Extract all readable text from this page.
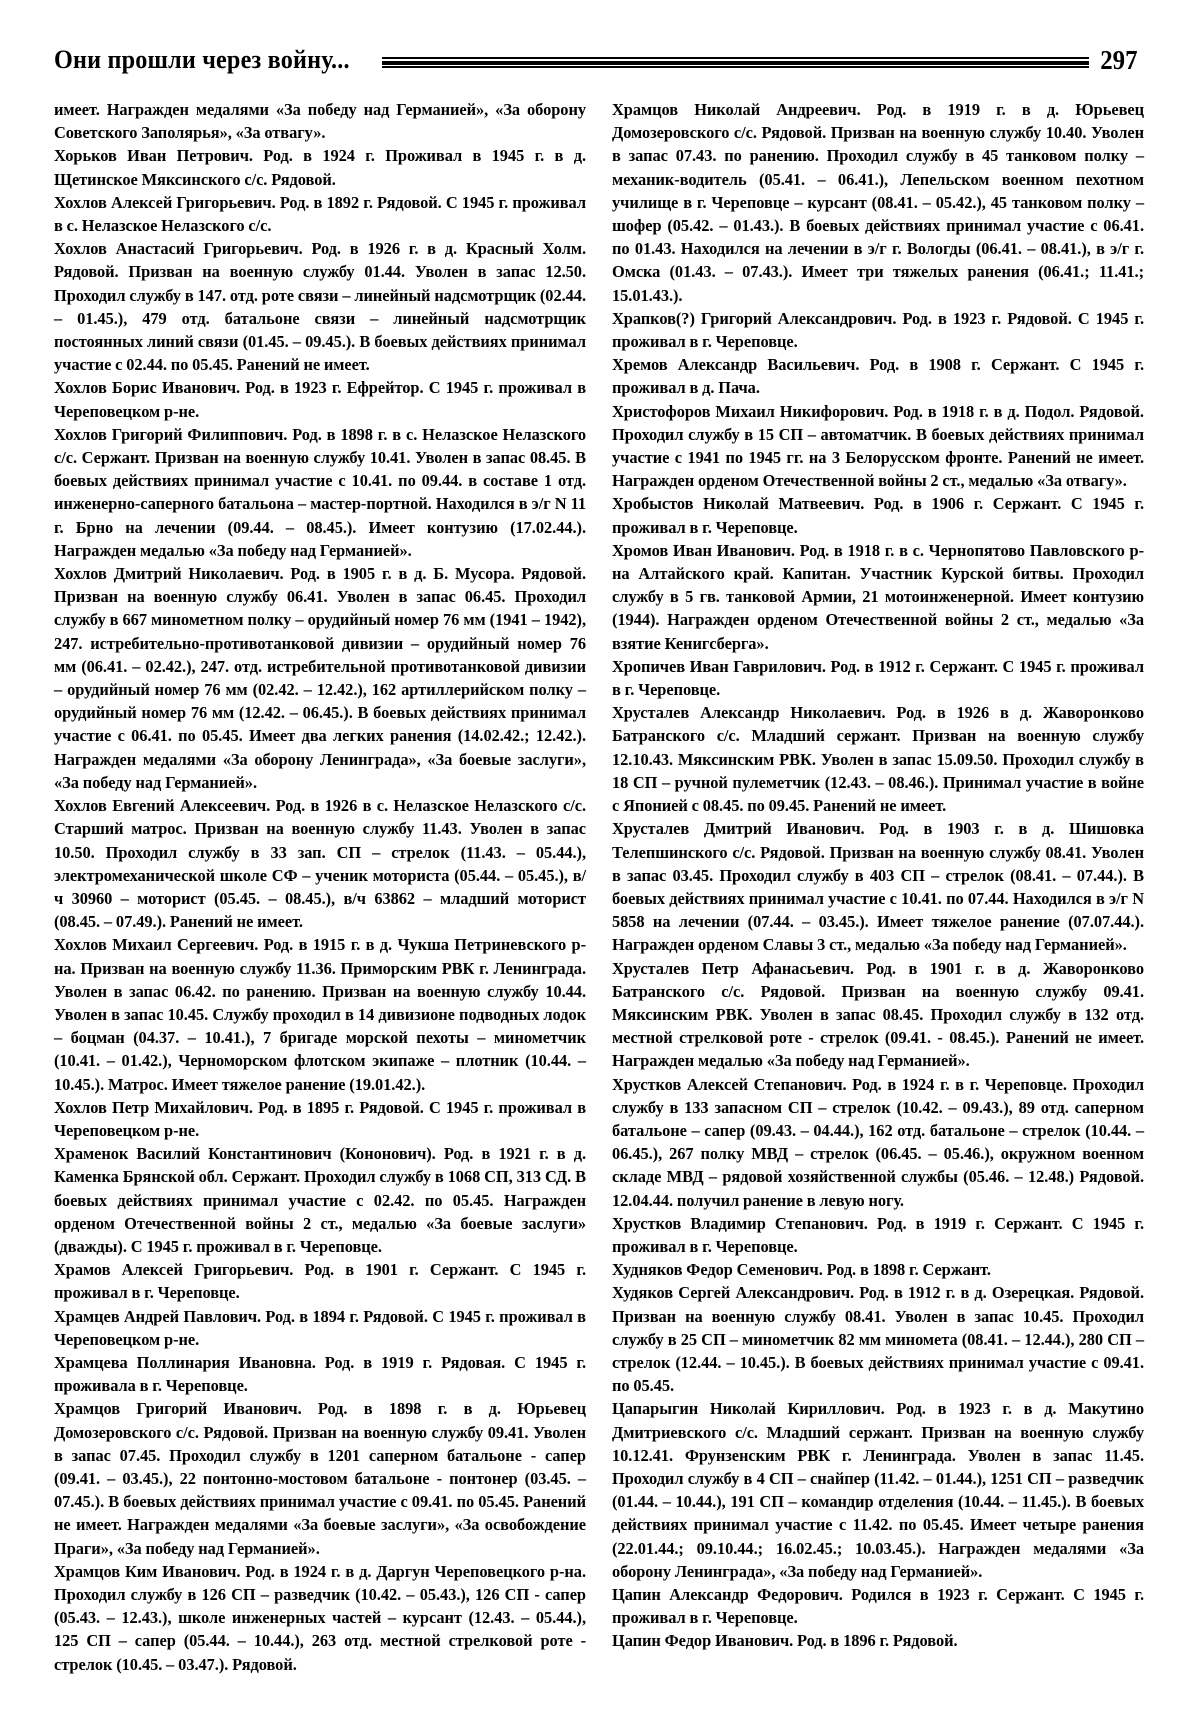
Они прошли через войну...	297

имеет. Награжден медалями «За победу над Германией», «За оборону Советского Заполярья», «За отвагу».

Хорьков Иван Петрович. Род. в 1924 г. Проживал в 1945 г. в д. Щетинское Мяксинского с/с. Рядовой.

Хохлов Алексей Григорьевич. Род. в 1892 г. Рядовой. С 1945 г. проживал в с. Нелазское Нелазского с/с.

Хохлов Анастасий Григорьевич. Род. в 1926 г. в д. Красный Холм. Рядовой. Призван на военную службу 01.44. Уволен в запас 12.50. Проходил службу в 147. отд. роте связи – линейный надсмотрщик (02.44. – 01.45.), 479 отд. батальоне связи – линейный надсмотрщик постоянных линий связи (01.45. – 09.45.). В боевых действиях принимал участие с 02.44. по 05.45. Ранений не имеет.

Хохлов Борис Иванович. Род. в 1923 г. Ефрейтор. С 1945 г. проживал в Череповецком р-не.

Хохлов Григорий Филиппович. Род. в 1898 г. в с. Нелазское Нелазского с/с. Сержант. Призван на военную службу 10.41. Уволен в запас 08.45. В боевых действиях принимал участие с 10.41. по 09.44. в составе 1 отд. инженерно-саперного батальона – мастер-портной. Находился в э/г N 11 г. Брно на лечении (09.44. – 08.45.). Имеет контузию (17.02.44.). Награжден медалью «За победу над Германией».

Хохлов Дмитрий Николаевич. Род. в 1905 г. в д. Б. Мусора. Рядовой. Призван на военную службу 06.41. Уволен в запас 06.45. Проходил службу в 667 минометном полку – орудийный номер 76 мм (1941 – 1942), 247. истребительно-противотанковой дивизии – орудийный номер 76 мм (06.41. – 02.42.), 247. отд. истребительной противотанковой дивизии – орудийный номер 76 мм (02.42. – 12.42.), 162 артиллерийском полку – орудийный номер 76 мм (12.42. – 06.45.). В боевых действиях принимал участие с 06.41. по 05.45. Имеет два легких ранения (14.02.42.; 12.42.). Награжден медалями «За оборону Ленинграда», «За боевые заслуги», «За победу над Германией».

Хохлов Евгений Алексеевич. Род. в 1926 в с. Нелазское Нелазского с/с. Старший матрос. Призван на военную службу 11.43. Уволен в запас 10.50. Проходил службу в 33 зап. СП – стрелок (11.43. – 05.44.), электромеханической школе СФ – ученик моториста (05.44. – 05.45.), в/ч 30960 – моторист (05.45. – 08.45.), в/ч 63862 – младший моторист (08.45. – 07.49.). Ранений не имеет.

Хохлов Михаил Сергеевич. Род. в 1915 г. в д. Чукша Петриневского р-на. Призван на военную службу 11.36. Приморским РВК г. Ленинграда. Уволен в запас 06.42. по ранению. Призван на военную службу 10.44. Уволен в запас 10.45. Службу проходил в 14 дивизионе подводных лодок – боцман (04.37. – 10.41.), 7 бригаде морской пехоты – минометчик (10.41. – 01.42.), Черноморском флотском экипаже – плотник (10.44. – 10.45.). Матрос. Имеет тяжелое ранение (19.01.42.).

Хохлов Петр Михайлович. Род. в 1895 г. Рядовой. С 1945 г. проживал в Череповецком р-не.

Храменок Василий Константинович (Кононович). Род. в 1921 г. в д. Каменка Брянской обл. Сержант. Проходил службу в 1068 СП, 313 СД. В боевых действиях принимал участие с 02.42. по 05.45. Награжден орденом Отечественной войны 2 ст., медалью «За боевые заслуги» (дважды). С 1945 г. проживал в г. Череповце.

Храмов Алексей Григорьевич. Род. в 1901 г. Сержант. С 1945 г. проживал в г. Череповце.

Храмцев Андрей Павлович. Род. в 1894 г. Рядовой. С 1945 г. проживал в Череповецком р-не.

Храмцева Поллинария Ивановна. Род. в 1919 г. Рядовая. С 1945 г. проживала в г. Череповце.

Храмцов Григорий Иванович. Род. в 1898 г. в д. Юрьевец Домозеровского с/с. Рядовой. Призван на военную службу 09.41. Уволен в запас 07.45. Проходил службу в 1201 саперном батальоне - сапер (09.41. – 03.45.), 22 понтонно-мостовом батальоне - понтонер (03.45. – 07.45.). В боевых действиях принимал участие с 09.41. по 05.45. Ранений не имеет. Награжден медалями «За боевые заслуги», «За освобождение Праги», «За победу над Германией».

Храмцов Ким Иванович. Род. в 1924 г. в д. Даргун Череповецкого р-на. Проходил службу в 126 СП – разведчик (10.42. – 05.43.), 126 СП - сапер (05.43. – 12.43.), школе инженерных частей – курсант (12.43. – 05.44.), 125 СП – сапер (05.44. – 10.44.), 263 отд. местной стрелковой роте - стрелок (10.45. – 03.47.). Рядовой.

Храмцов Николай Андреевич. Род. в 1919 г. в д. Юрьевец Домозеровского с/с. Рядовой. Призван на военную службу 10.40. Уволен в запас 07.43. по ранению. Проходил службу в 45 танковом полку – механик-водитель (05.41. – 06.41.), Лепельском военном пехотном училище в г. Череповце – курсант (08.41. – 05.42.), 45 танковом полку – шофер (05.42. – 01.43.). В боевых действиях принимал участие с 06.41. по 01.43. Находился на лечении в э/г г. Вологды (06.41. – 08.41.), в э/г г. Омска (01.43. – 07.43.). Имеет три тяжелых ранения (06.41.; 11.41.; 15.01.43.).

Храпков(?) Григорий Александрович. Род. в 1923 г. Рядовой. С 1945 г. проживал в г. Череповце.

Хремов Александр Васильевич. Род. в 1908 г. Сержант. С 1945 г. проживал в д. Пача.

Христофоров Михаил Никифорович. Род. в 1918 г. в д. Подол. Рядовой. Проходил службу в 15 СП – автоматчик. В боевых действиях принимал участие с 1941 по 1945 гг. на 3 Белорусском фронте. Ранений не имеет. Награжден орденом Отечественной войны 2 ст., медалью «За отвагу».

Хробыстов Николай Матвеевич. Род. в 1906 г. Сержант. С 1945 г. проживал в г. Череповце.

Хромов Иван Иванович. Род. в 1918 г. в с. Чернопятово Павловского р-на Алтайского край. Капитан. Участник Курской битвы. Проходил службу в 5 гв. танковой Армии, 21 мотоинженерной. Имеет контузию (1944). Награжден орденом Отечественной войны 2 ст., медалью «За взятие Кенигсберга».

Хропичев Иван Гаврилович. Род. в 1912 г. Сержант. С 1945 г. проживал в г. Череповце.

Хрусталев Александр Николаевич. Род. в 1926 в д. Жаворонково Батранского с/с. Младший сержант. Призван на военную службу 12.10.43. Мяксинским РВК. Уволен в запас 15.09.50. Проходил службу в 18 СП – ручной пулеметчик (12.43. – 08.46.). Принимал участие в войне с Японией с 08.45. по 09.45. Ранений не имеет.

Хрусталев Дмитрий Иванович. Род. в 1903 г. в д. Шишовка Телепшинского с/с. Рядовой. Призван на военную службу 08.41. Уволен в запас 03.45. Проходил службу в 403 СП – стрелок (08.41. – 07.44.). В боевых действиях принимал участие с 10.41. по 07.44. Находился в э/г N 5858 на лечении (07.44. – 03.45.). Имеет тяжелое ранение (07.07.44.). Награжден орденом Славы 3 ст., медалью «За победу над Германией».

Хрусталев Петр Афанасьевич. Род. в 1901 г. в д. Жаворонково Батранского с/с. Рядовой. Призван на военную службу 09.41. Мяксинским РВК. Уволен в запас 08.45. Проходил службу в 132 отд. местной стрелковой роте - стрелок (09.41. - 08.45.). Ранений не имеет. Награжден медалью «За победу над Германией».

Хрустков Алексей Степанович. Род. в 1924 г. в г. Череповце. Проходил службу в 133 запасном СП – стрелок (10.42. – 09.43.), 89 отд. саперном батальоне – сапер (09.43. – 04.44.), 162 отд. батальоне – стрелок (10.44. – 06.45.), 267 полку МВД – стрелок (06.45. – 05.46.), окружном военном складе МВД – рядовой хозяйственной службы (05.46. – 12.48.) Рядовой. 12.04.44. получил ранение в левую ногу.

Хрустков Владимир Степанович. Род. в 1919 г. Сержант. С 1945 г. проживал в г. Череповце.

Худняков Федор Семенович. Род. в 1898 г. Сержант.

Худяков Сергей Александрович. Род. в 1912 г. в д. Озерецкая. Рядовой. Призван на военную службу 08.41. Уволен в запас 10.45. Проходил службу в 25 СП – минометчик 82 мм миномета (08.41. – 12.44.), 280 СП – стрелок (12.44. – 10.45.). В боевых действиях принимал участие с 09.41. по 05.45.

Цапарыгин Николай Кириллович. Род. в 1923 г. в д. Макутино Дмитриевского с/с. Младший сержант. Призван на военную службу 10.12.41. Фрунзенским РВК г. Ленинграда. Уволен в запас 11.45. Проходил службу в 4 СП – снайпер (11.42. – 01.44.), 1251 СП – разведчик (01.44. – 10.44.), 191 СП – командир отделения (10.44. – 11.45.). В боевых действиях принимал участие с 11.42. по 05.45. Имеет четыре ранения (22.01.44.; 09.10.44.; 16.02.45.; 10.03.45.). Награжден медалями «За оборону Ленинграда», «За победу над Германией».

Цапин Александр Федорович. Родился в 1923 г. Сержант. С 1945 г. проживал в г. Череповце.

Цапин Федор Иванович. Род. в 1896 г. Рядовой.
